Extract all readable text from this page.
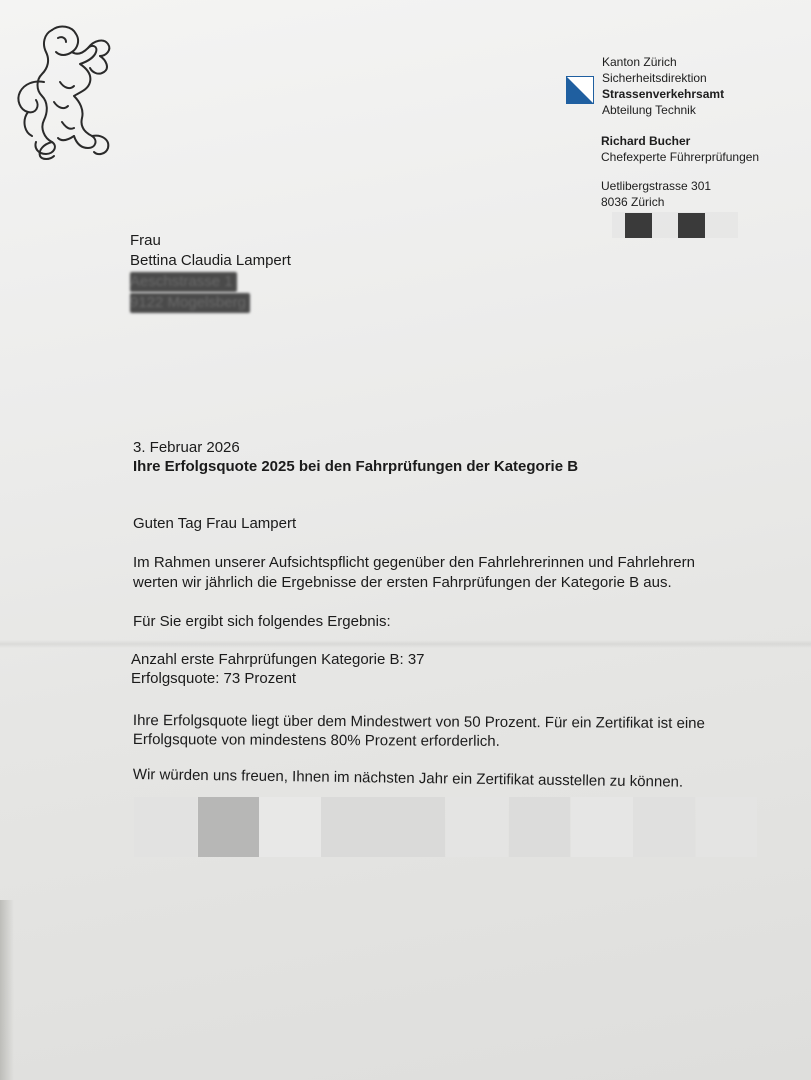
Kanton Zürich
Sicherheitsdirektion
Strassenverkehrsamt
Abteilung Technik
Richard Bucher
Chefexperte Führerprüfungen
Uetlibergstrasse 301
8036 Zürich
Frau
Bettina Claudia Lampert
Aeschstrasse 1
9122 Mogelsberg
3. Februar 2026
Ihre Erfolgsquote 2025 bei den Fahrprüfungen der Kategorie B
Guten Tag Frau Lampert
Im Rahmen unserer Aufsichtspflicht gegenüber den Fahrlehrerinnen und Fahrlehrern
werten wir jährlich die Ergebnisse der ersten Fahrprüfungen der Kategorie B aus.
Für Sie ergibt sich folgendes Ergebnis:
Anzahl erste Fahrprüfungen Kategorie B: 37
Erfolgsquote: 73 Prozent
Ihre Erfolgsquote liegt über dem Mindestwert von 50 Prozent. Für ein Zertifikat ist eine
Erfolgsquote von mindestens 80% Prozent erforderlich.
Wir würden uns freuen, Ihnen im nächsten Jahr ein Zertifikat ausstellen zu können.
